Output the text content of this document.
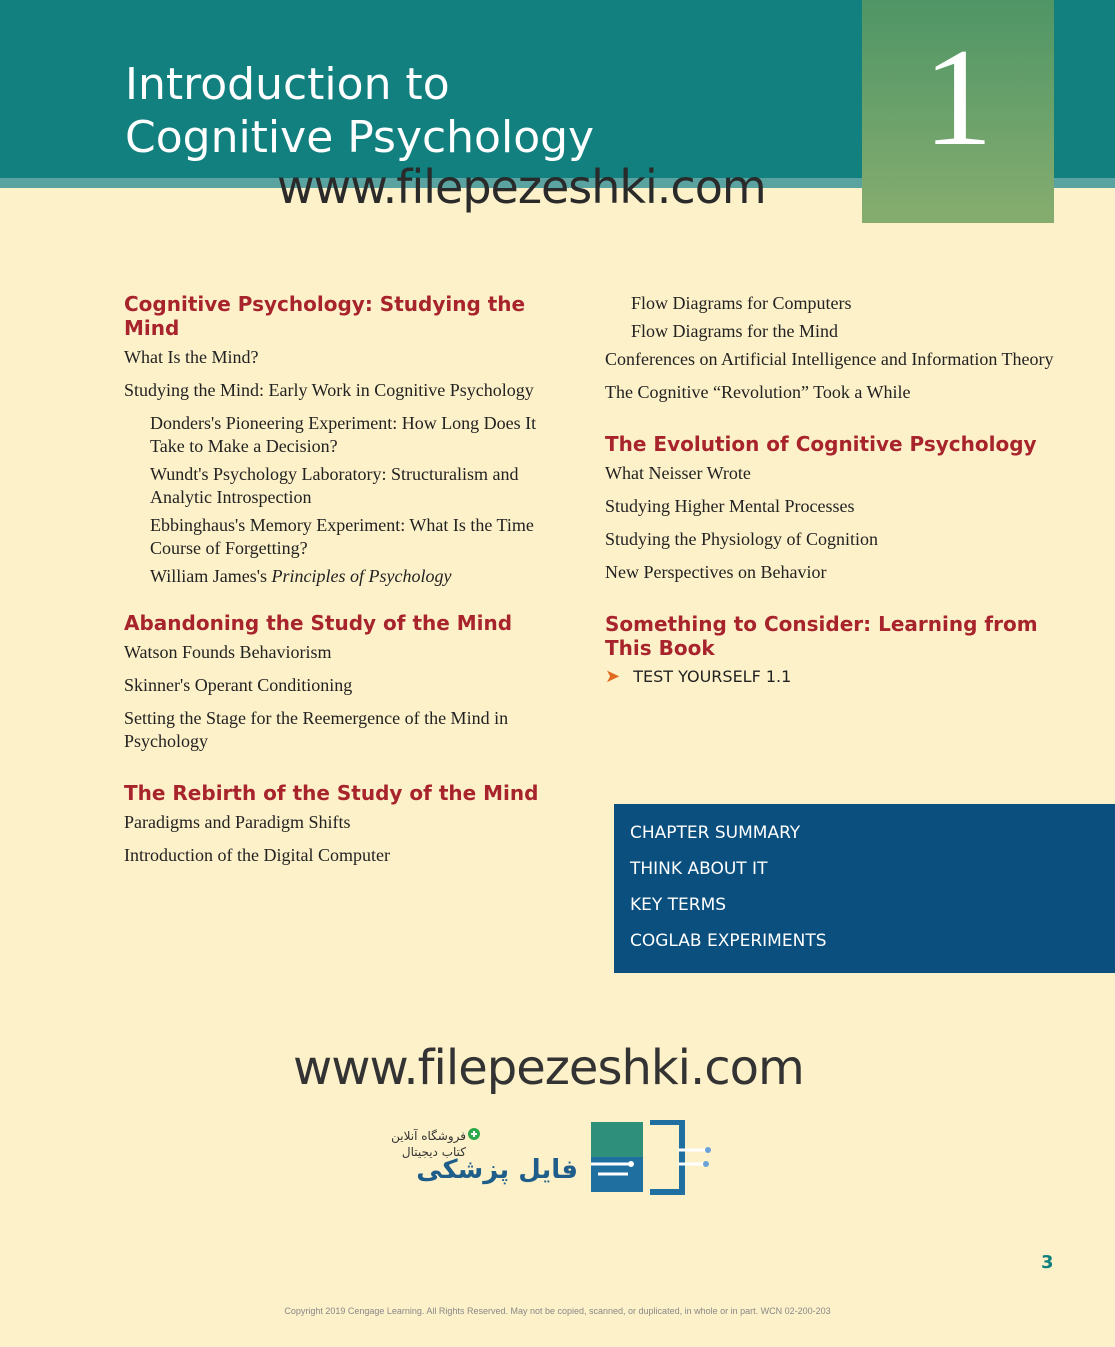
Introduction to
Cognitive Psychology	1
www.filepezeshki.com
Cognitive Psychology: Studying the Mind

What Is the Mind?

Studying the Mind: Early Work in Cognitive Psychology

Donders's Pioneering Experiment: How Long Does It Take to Make a Decision?

Wundt's Psychology Laboratory: Structuralism and Analytic Introspection

Ebbinghaus's Memory Experiment: What Is the Time Course of Forgetting?

William James's Principles of Psychology

Abandoning the Study of the Mind

Watson Founds Behaviorism

Skinner's Operant Conditioning

Setting the Stage for the Reemergence of the Mind in Psychology

The Rebirth of the Study of the Mind

Paradigms and Paradigm Shifts

Introduction of the Digital Computer

Flow Diagrams for Computers

Flow Diagrams for the Mind

Conferences on Artificial Intelligence and Information Theory

The Cognitive “Revolution” Took a While

The Evolution of Cognitive Psychology

What Neisser Wrote

Studying Higher Mental Processes

Studying the Physiology of Cognition

New Perspectives on Behavior

Something to Consider: Learning from This Book
➤ TEST YOURSELF 1.1
CHAPTER SUMMARY
THINK ABOUT IT
KEY TERMS
COGLAB EXPERIMENTS
www.filepezeshki.com
فروشگاه آنلاین
کتاب دیجیتال
فایل پزشکی
3
Copyright 2019 Cengage Learning. All Rights Reserved. May not be copied, scanned, or duplicated, in whole or in part. WCN 02-200-203
